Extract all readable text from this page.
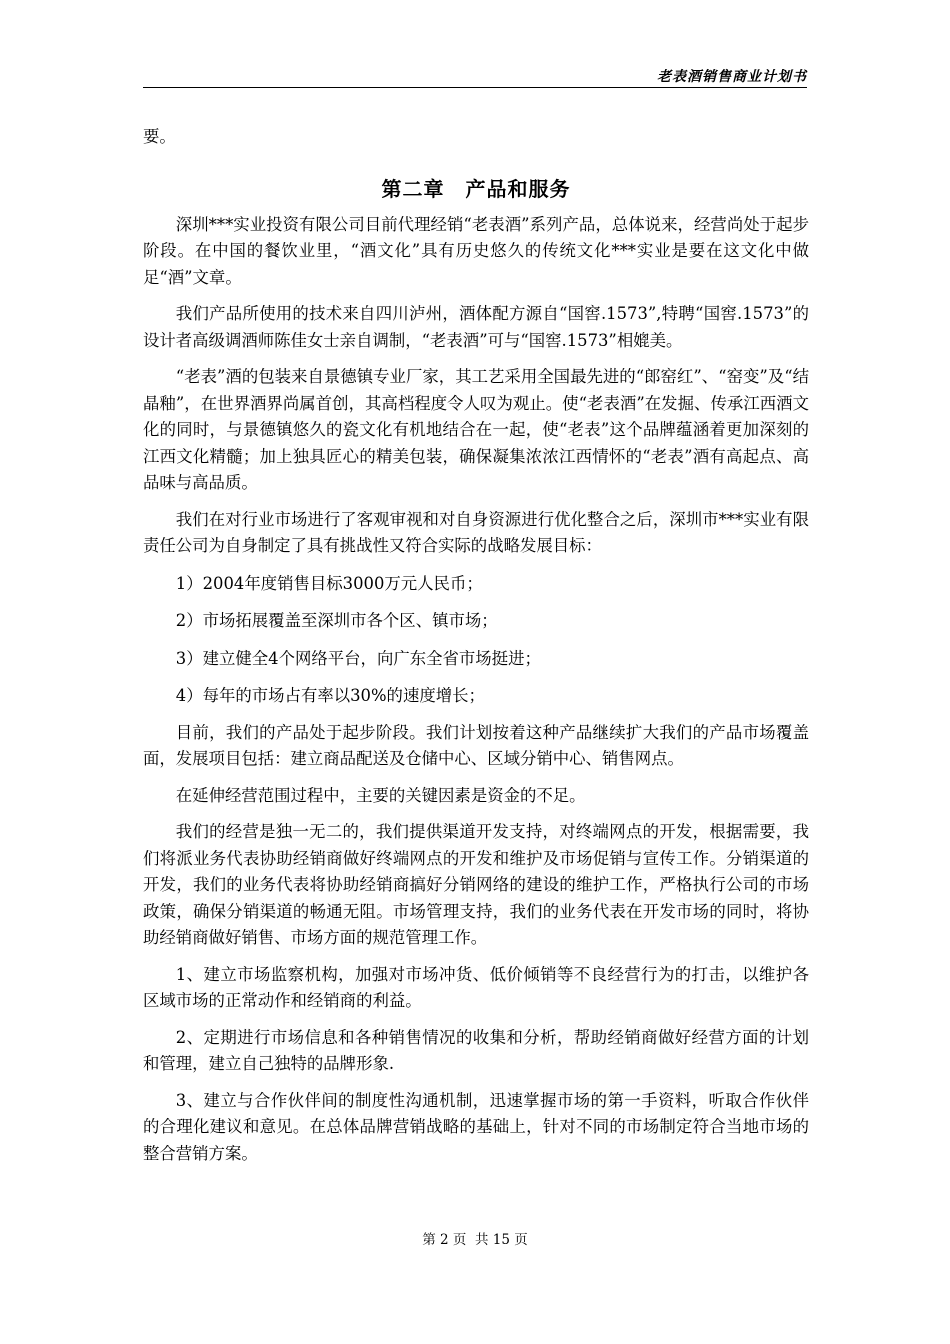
老表酒销售商业计划书

要。

第二章　产品和服务

深圳***实业投资有限公司目前代理经销“老表酒”系列产品，总体说来，经营尚处于起步阶段。在中国的餐饮业里，“酒文化”具有历史悠久的传统文化***实业是要在这文化中做足“酒”文章。

我们产品所使用的技术来自四川泸州，酒体配方源自“国窖.1573”,特聘“国窖.1573”的设计者高级调酒师陈佳女士亲自调制，“老表酒”可与“国窖.1573”相媲美。

“老表”酒的包装来自景德镇专业厂家，其工艺采用全国最先进的“郎窑红”、“窑变”及“结晶釉”，在世界酒界尚属首创，其高档程度令人叹为观止。使“老表酒”在发掘、传承江西酒文化的同时，与景德镇悠久的瓷文化有机地结合在一起，使“老表”这个品牌蕴涵着更加深刻的江西文化精髓；加上独具匠心的精美包装，确保凝集浓浓江西情怀的“老表”酒有高起点、高品味与高品质。

我们在对行业市场进行了客观审视和对自身资源进行优化整合之后，深圳市***实业有限责任公司为自身制定了具有挑战性又符合实际的战略发展目标：

1）2004年度销售目标3000万元人民币；

2）市场拓展覆盖至深圳市各个区、镇市场；

3）建立健全4个网络平台，向广东全省市场挺进；

4）每年的市场占有率以30%的速度增长；

目前，我们的产品处于起步阶段。我们计划按着这种产品继续扩大我们的产品市场覆盖面，发展项目包括：建立商品配送及仓储中心、区域分销中心、销售网点。

在延伸经营范围过程中，主要的关键因素是资金的不足。

我们的经营是独一无二的，我们提供渠道开发支持，对终端网点的开发，根据需要，我们将派业务代表协助经销商做好终端网点的开发和维护及市场促销与宣传工作。分销渠道的开发，我们的业务代表将协助经销商搞好分销网络的建设的维护工作，严格执行公司的市场政策，确保分销渠道的畅通无阻。市场管理支持，我们的业务代表在开发市场的同时，将协助经销商做好销售、市场方面的规范管理工作。

1、建立市场监察机构，加强对市场冲货、低价倾销等不良经营行为的打击，以维护各区域市场的正常动作和经销商的利益。

2、定期进行市场信息和各种销售情况的收集和分析，帮助经销商做好经营方面的计划和管理，建立自己独特的品牌形象.

3、建立与合作伙伴间的制度性沟通机制，迅速掌握市场的第一手资料，听取合作伙伴的合理化建议和意见。在总体品牌营销战略的基础上，针对不同的市场制定符合当地市场的整合营销方案。

第 2 页  共 15 页
